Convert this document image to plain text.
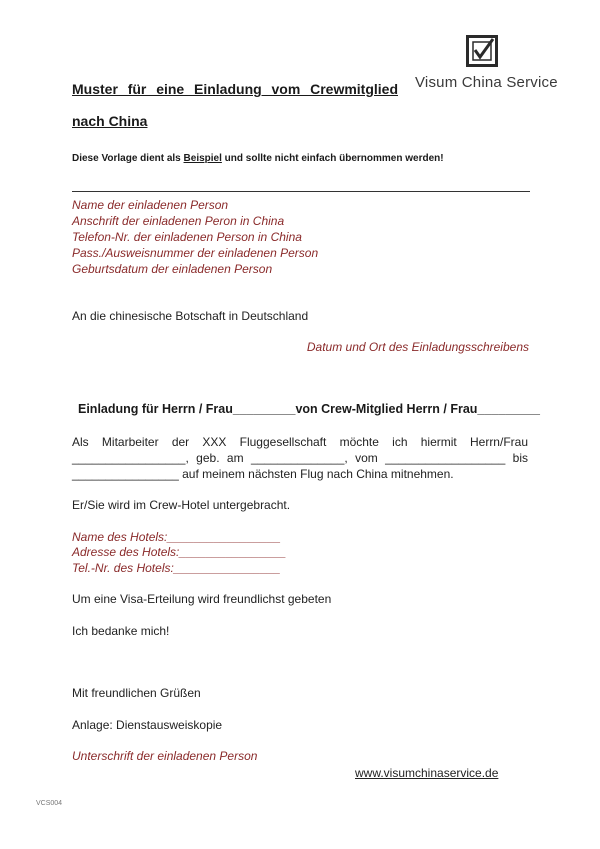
Visum China Service
Muster für eine Einladung vom Crewmitglied
nach China
Diese Vorlage dient als Beispiel und sollte nicht einfach übernommen werden!
Name der einladenen Person
Anschrift der einladenen Peron in China
Telefon-Nr. der einladenen Person in China
Pass./Ausweisnummer der einladenen Person
Geburtsdatum der einladenen Person
An die chinesische Botschaft in Deutschland
Datum und Ort des Einladungsschreibens
Einladung für Herrn / Frau_________von Crew-Mitglied Herrn / Frau_________
Als Mitarbeiter der XXX Fluggesellschaft möchte ich hiermit Herrn/Frau
_________________, geb. am ______________, vom __________________ bis
________________ auf meinem nächsten Flug nach China mitnehmen.
Er/Sie wird im Crew-Hotel untergebracht.
Name des Hotels:_________________
Adresse des Hotels:________________
Tel.-Nr. des Hotels:________________
Um eine Visa-Erteilung wird freundlichst gebeten
Ich bedanke mich!
Mit freundlichen Grüßen
Anlage: Dienstausweiskopie
Unterschrift der einladenen Person
www.visumchinaservice.de
VCS004
